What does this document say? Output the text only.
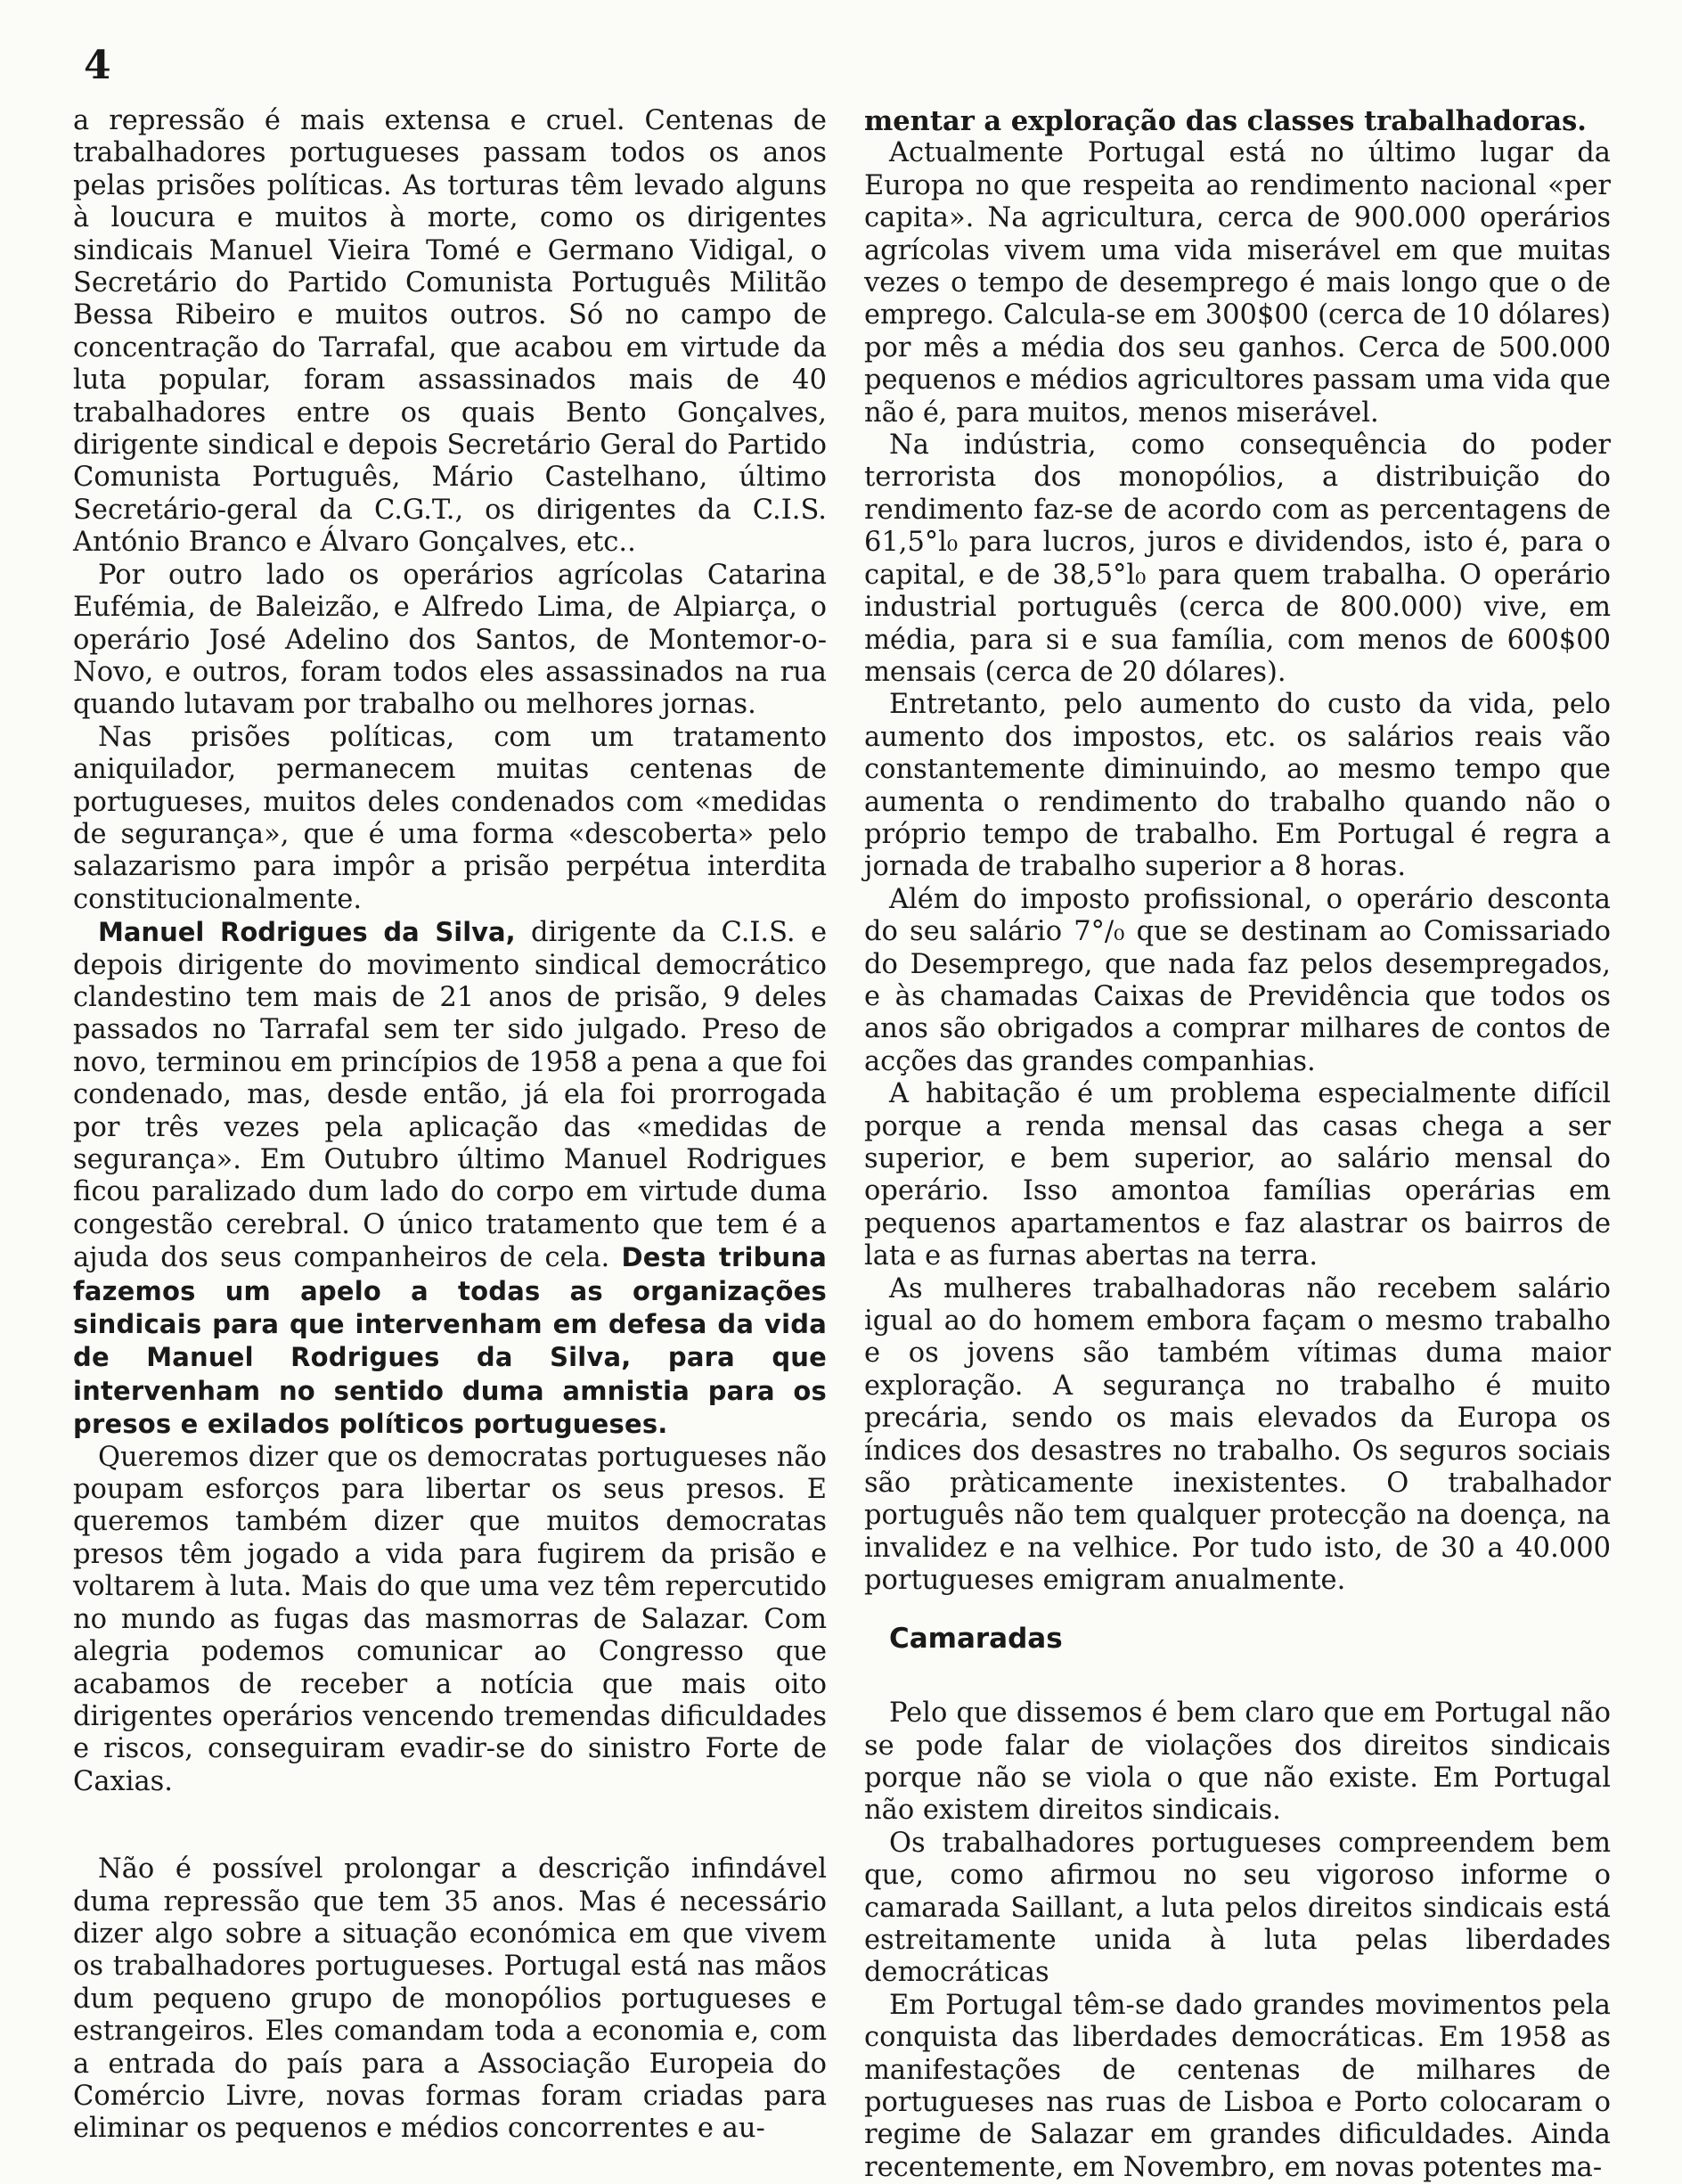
4

a repressão é mais extensa e cruel. Centenas de trabalhadores portugueses passam todos os anos pelas prisões políticas. As torturas têm levado alguns à loucura e muitos à morte, como os dirigentes sindicais Manuel Vieira Tomé e Germano Vidigal, o Secretário do Partido Comunista Português Militão Bessa Ribeiro e muitos outros. Só no campo de concentração do Tarrafal, que acabou em virtude da luta popular, foram assassinados mais de 40 trabalhadores entre os quais Bento Gonçalves, dirigente sindical e depois Secretário Geral do Partido Comunista Português, Mário Castelhano, último Secretário-geral da C.G.T., os dirigentes da C.I.S. António Branco e Álvaro Gonçalves, etc..

Por outro lado os operários agrícolas Catarina Eufémia, de Baleizão, e Alfredo Lima, de Alpiarça, o operário José Adelino dos Santos, de Montemor-o-Novo, e outros, foram todos eles assassinados na rua quando lutavam por trabalho ou melhores jornas.

Nas prisões políticas, com um tratamento aniquilador, permanecem muitas centenas de portugueses, muitos deles condenados com «medidas de segurança», que é uma forma «descoberta» pelo salazarismo para impôr a prisão perpétua interdita constitucionalmente.

Manuel Rodrigues da Silva, dirigente da C.I.S. e depois dirigente do movimento sindical democrático clandestino tem mais de 21 anos de prisão, 9 deles passados no Tarrafal sem ter sido julgado. Preso de novo, terminou em princípios de 1958 a pena a que foi condenado, mas, desde então, já ela foi prorrogada por três vezes pela aplicação das «medidas de segurança». Em Outubro último Manuel Rodrigues ficou paralizado dum lado do corpo em virtude duma congestão cerebral. O único tratamento que tem é a ajuda dos seus companheiros de cela. Desta tribuna fazemos um apelo a todas as organizações sindicais para que intervenham em defesa da vida de Manuel Rodrigues da Silva, para que intervenham no sentido duma amnistia para os presos e exilados políticos portugueses.

Queremos dizer que os democratas portugueses não poupam esforços para libertar os seus presos. E queremos também dizer que muitos democratas presos têm jogado a vida para fugirem da prisão e voltarem à luta. Mais do que uma vez têm repercutido no mundo as fugas das masmorras de Salazar. Com alegria podemos comunicar ao Congresso que acabamos de receber a notícia que mais oito dirigentes operários vencendo tremendas dificuldades e riscos, conseguiram evadir-se do sinistro Forte de Caxias.

Não é possível prolongar a descrição infindável duma repressão que tem 35 anos. Mas é necessário dizer algo sobre a situação económica em que vivem os trabalhadores portugueses. Portugal está nas mãos dum pequeno grupo de monopólios portugueses e estrangeiros. Eles comandam toda a economia e, com a entrada do país para a Associação Europeia do Comércio Livre, novas formas foram criadas para eliminar os pequenos e médios concorrentes e au-

mentar a exploração das classes trabalhadoras.

Actualmente Portugal está no último lugar da Europa no que respeita ao rendimento nacional «per capita». Na agricultura, cerca de 900.000 operários agrícolas vivem uma vida miserável em que muitas vezes o tempo de desemprego é mais longo que o de emprego. Calcula-se em 300$00 (cerca de 10 dólares) por mês a média dos seu ganhos. Cerca de 500.000 pequenos e médios agricultores passam uma vida que não é, para muitos, menos miserável.

Na indústria, como consequência do poder terrorista dos monopólios, a distribuição do rendimento faz-se de acordo com as percentagens de 61,5°l₀ para lucros, juros e dividendos, isto é, para o capital, e de 38,5°l₀ para quem trabalha. O operário industrial português (cerca de 800.000) vive, em média, para si e sua família, com menos de 600$00 mensais (cerca de 20 dólares).

Entretanto, pelo aumento do custo da vida, pelo aumento dos impostos, etc. os salários reais vão constantemente diminuindo, ao mesmo tempo que aumenta o rendimento do trabalho quando não o próprio tempo de trabalho. Em Portugal é regra a jornada de trabalho superior a 8 horas.

Além do imposto profissional, o operário desconta do seu salário 7°/₀ que se destinam ao Comissariado do Desemprego, que nada faz pelos desempregados, e às chamadas Caixas de Previdência que todos os anos são obrigados a comprar milhares de contos de acções das grandes companhias.

A habitação é um problema especialmente difícil porque a renda mensal das casas chega a ser superior, e bem superior, ao salário mensal do operário. Isso amontoa famílias operárias em pequenos apartamentos e faz alastrar os bairros de lata e as furnas abertas na terra.

As mulheres trabalhadoras não recebem salário igual ao do homem embora façam o mesmo trabalho e os jovens são também vítimas duma maior exploração. A segurança no trabalho é muito precária, sendo os mais elevados da Europa os índices dos desastres no trabalho. Os seguros sociais são pràticamente inexistentes. O trabalhador português não tem qualquer protecção na doença, na invalidez e na velhice. Por tudo isto, de 30 a 40.000 portugueses emigram anualmente.

Camaradas

Pelo que dissemos é bem claro que em Portugal não se pode falar de violações dos direitos sindicais porque não se viola o que não existe. Em Portugal não existem direitos sindicais.

Os trabalhadores portugueses compreendem bem que, como afirmou no seu vigoroso informe o camarada Saillant, a luta pelos direitos sindicais está estreitamente unida à luta pelas liberdades democráticas

Em Portugal têm-se dado grandes movimentos pela conquista das liberdades democráticas. Em 1958 as manifestações de centenas de milhares de portugueses nas ruas de Lisboa e Porto colocaram o regime de Salazar em grandes dificuldades. Ainda recentemente, em Novembro, em novas potentes ma-
